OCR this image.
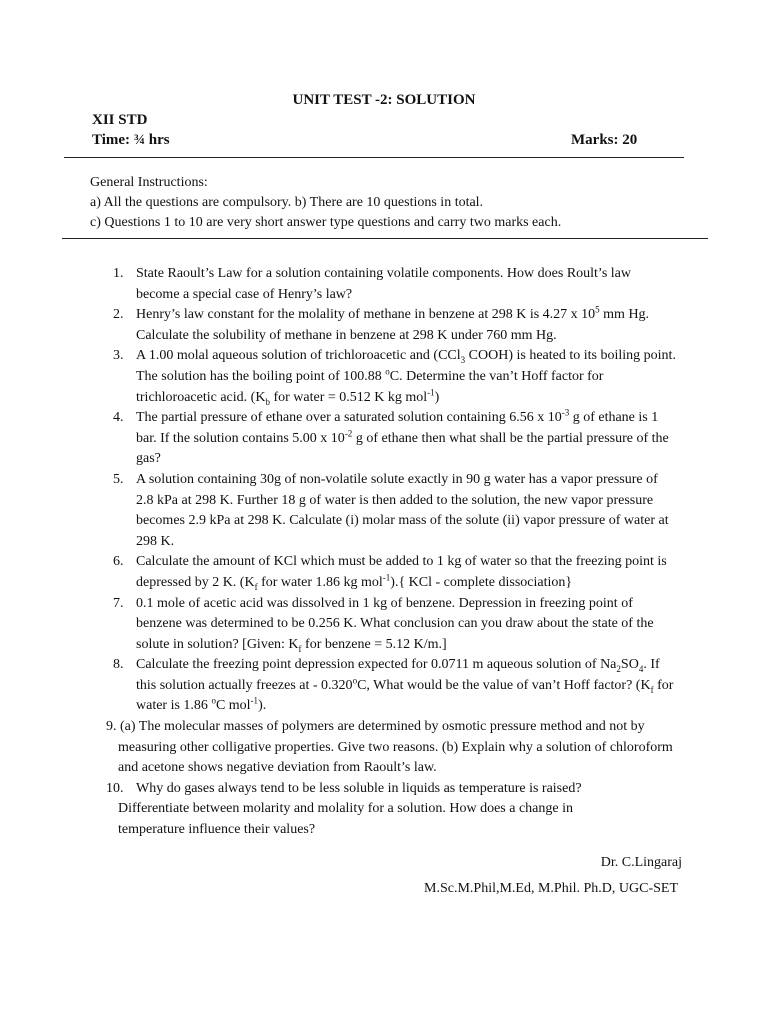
UNIT TEST -2: SOLUTION
XII STD
Time: ¾ hrs	Marks: 20
General Instructions:
a) All the questions are compulsory. b) There are 10 questions in total.
c) Questions 1 to 10 are very short answer type questions and carry two marks each.
1. State Raoult’s Law for a solution containing volatile components. How does Roult’s law become a special case of Henry’s law?
2. Henry’s law constant for the molality of methane in benzene at 298 K is 4.27 x $10^5$ mm Hg. Calculate the solubility of methane in benzene at 298 K under 760 mm Hg.
3. A 1.00 molal aqueous solution of trichloroacetic and (CCl$_3$ COOH) is heated to its boiling point. The solution has the boiling point of 100.88 $^o$C. Determine the van’t Hoff factor for trichloroacetic acid. ($K_b$ for water = 0.512 K kg mol$^{-1}$)
4. The partial pressure of ethane over a saturated solution containing 6.56 x $10^{-3}$ g of ethane is 1 bar. If the solution contains 5.00 x $10^{-2}$ g of ethane then what shall be the partial pressure of the gas?
5. A solution containing 30g of non-volatile solute exactly in 90 g water has a vapor pressure of 2.8 kPa at 298 K. Further 18 g of water is then added to the solution, the new vapor pressure becomes 2.9 kPa at 298 K. Calculate (i) molar mass of the solute (ii) vapor pressure of water at 298 K.
6. Calculate the amount of KCl which must be added to 1 kg of water so that the freezing point is depressed by 2 K. ($K_f$ for water 1.86 kg mol$^{-1}$).{ KCl - complete dissociation}
7. 0.1 mole of acetic acid was dissolved in 1 kg of benzene. Depression in freezing point of benzene was determined to be 0.256 K. What conclusion can you draw about the state of the solute in solution? [Given: $K_f$ for benzene = 5.12 K/m.]
8. Calculate the freezing point depression expected for 0.0711 m aqueous solution of $Na_2SO_4$. If this solution actually freezes at - 0.320$^o$C, What would be the value of van’t Hoff factor? ($K_f$ for water is 1.86 $^o$C mol$^{-1}$).
9. (a) The molecular masses of polymers are determined by osmotic pressure method and not by measuring other colligative properties. Give two reasons. (b) Explain why a solution of chloroform and acetone shows negative deviation from Raoult’s law.
10. Why do gases always tend to be less soluble in liquids as temperature is raised?
Differentiate between molarity and molality for a solution. How does a change in
temperature influence their values?
Dr. C.Lingaraj
M.Sc.M.Phil,M.Ed, M.Phil. Ph.D, UGC-SET
